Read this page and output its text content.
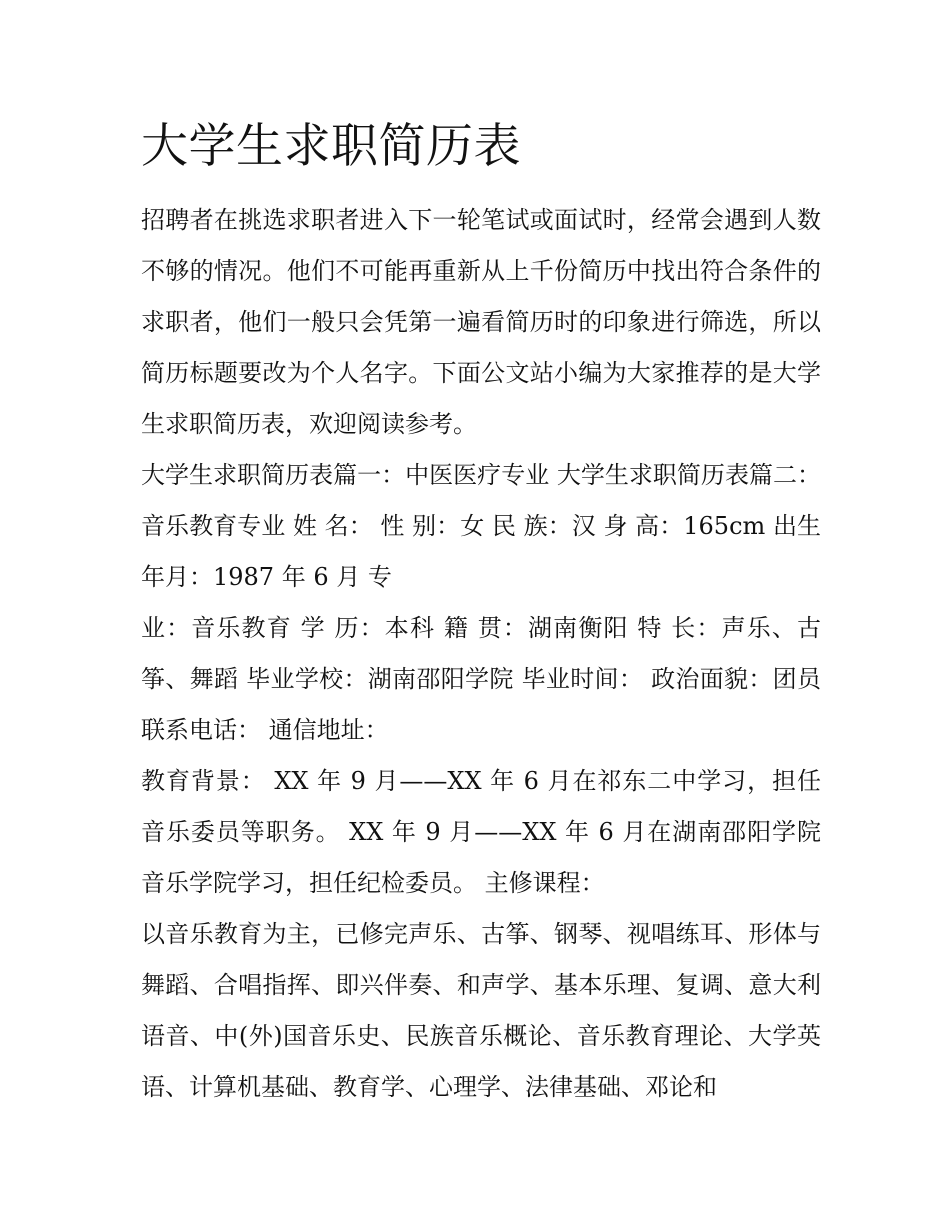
大学生求职简历表

招聘者在挑选求职者进入下一轮笔试或面试时，经常会遇到人数不够的情况。他们不可能再重新从上千份简历中找出符合条件的求职者，他们一般只会凭第一遍看简历时的印象进行筛选，所以简历标题要改为个人名字。下面公文站小编为大家推荐的是大学生求职简历表，欢迎阅读参考。

大学生求职简历表篇一：中医医疗专业 大学生求职简历表篇二：音乐教育专业 姓 名： 性 别：女 民 族：汉 身 高：165cm 出生年月：1987 年 6 月 专

业：音乐教育 学 历：本科 籍 贯：湖南衡阳 特 长：声乐、古筝、舞蹈 毕业学校：湖南邵阳学院 毕业时间： 政治面貌：团员 联系电话： 通信地址：

教育背景： XX 年 9 月——XX 年 6 月在祁东二中学习，担任音乐委员等职务。 XX 年 9 月——XX 年 6 月在湖南邵阳学院音乐学院学习，担任纪检委员。 主修课程：

以音乐教育为主，已修完声乐、古筝、钢琴、视唱练耳、形体与舞蹈、合唱指挥、即兴伴奏、和声学、基本乐理、复调、意大利语音、中(外)国音乐史、民族音乐概论、音乐教育理论、大学英语、计算机基础、教育学、心理学、法律基础、邓论和
